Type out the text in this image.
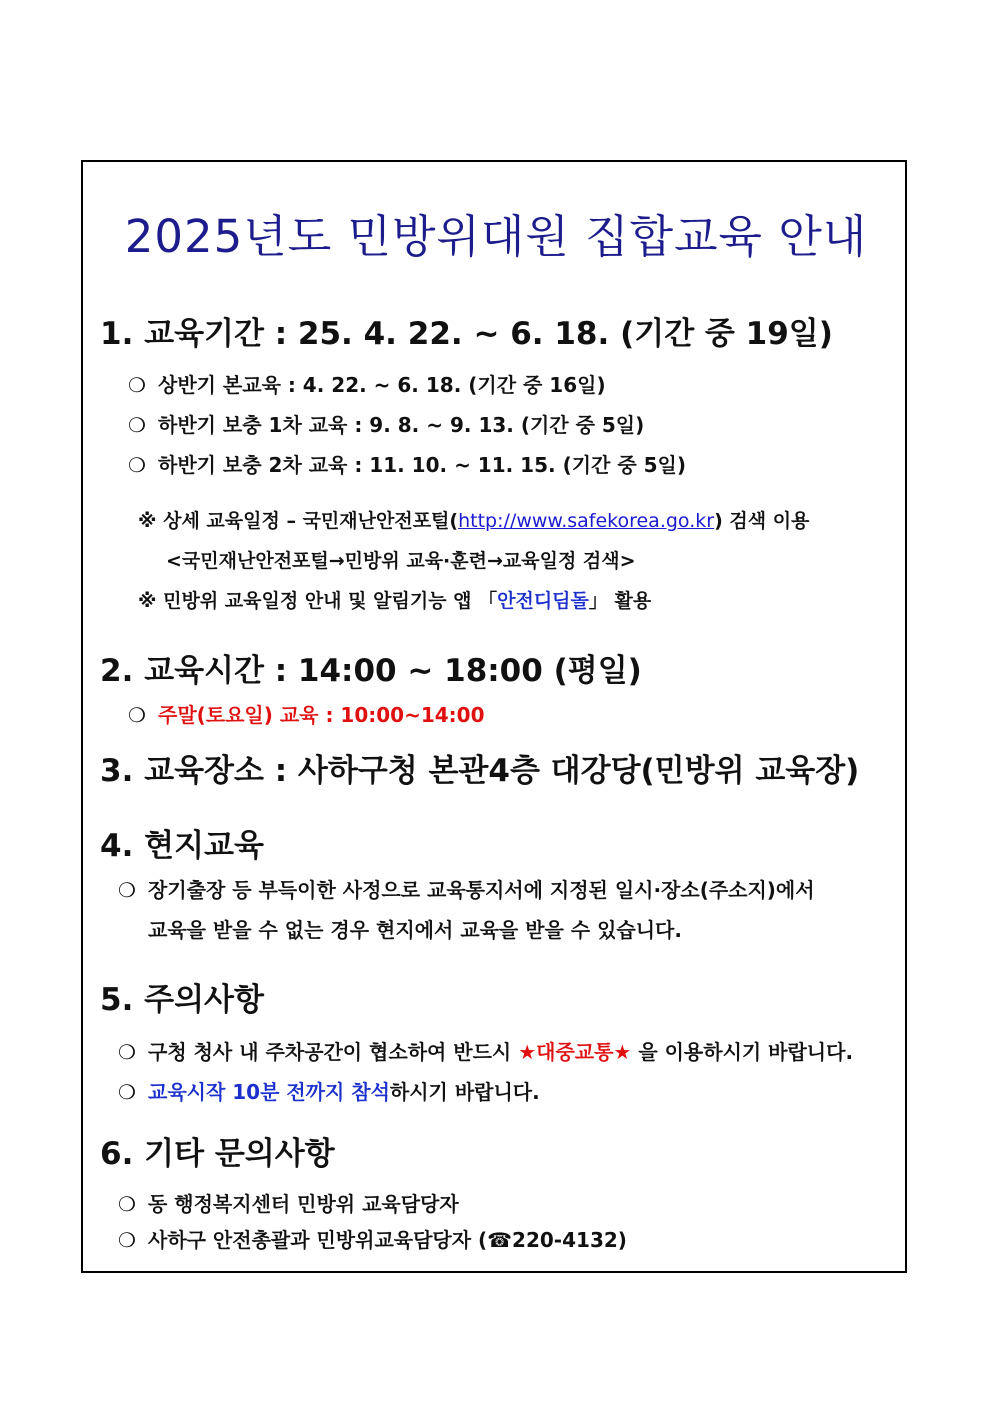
2025년도 민방위대원 집합교육 안내
1. 교육기간 : 25. 4. 22. ~ 6. 18. (기간 중 19일)
❍ 상반기 본교육 : 4. 22. ~ 6. 18. (기간 중 16일)
❍ 하반기 보충 1차 교육 : 9. 8. ~ 9. 13. (기간 중 5일)
❍ 하반기 보충 2차 교육 : 11. 10. ~ 11. 15. (기간 중 5일)
※ 상세 교육일정 – 국민재난안전포털(http://www.safekorea.go.kr) 검색 이용
<국민재난안전포털→민방위 교육·훈련→교육일정 검색>
※ 민방위 교육일정 안내 및 알림기능 앱 「안전디딤돌」 활용
2. 교육시간 : 14:00 ~ 18:00 (평일)
❍ 주말(토요일) 교육 : 10:00~14:00
3. 교육장소 : 사하구청 본관4층 대강당(민방위 교육장)
4. 현지교육
❍ 장기출장 등 부득이한 사정으로 교육통지서에 지정된 일시·장소(주소지)에서
교육을 받을 수 없는 경우 현지에서 교육을 받을 수 있습니다.
5. 주의사항
❍ 구청 청사 내 주차공간이 협소하여 반드시 ★대중교통★ 을 이용하시기 바랍니다.
❍ 교육시작 10분 전까지 참석하시기 바랍니다.
6. 기타 문의사항
❍ 동 행정복지센터 민방위 교육담당자
❍ 사하구 안전총괄과 민방위교육담당자 (☎220-4132)
